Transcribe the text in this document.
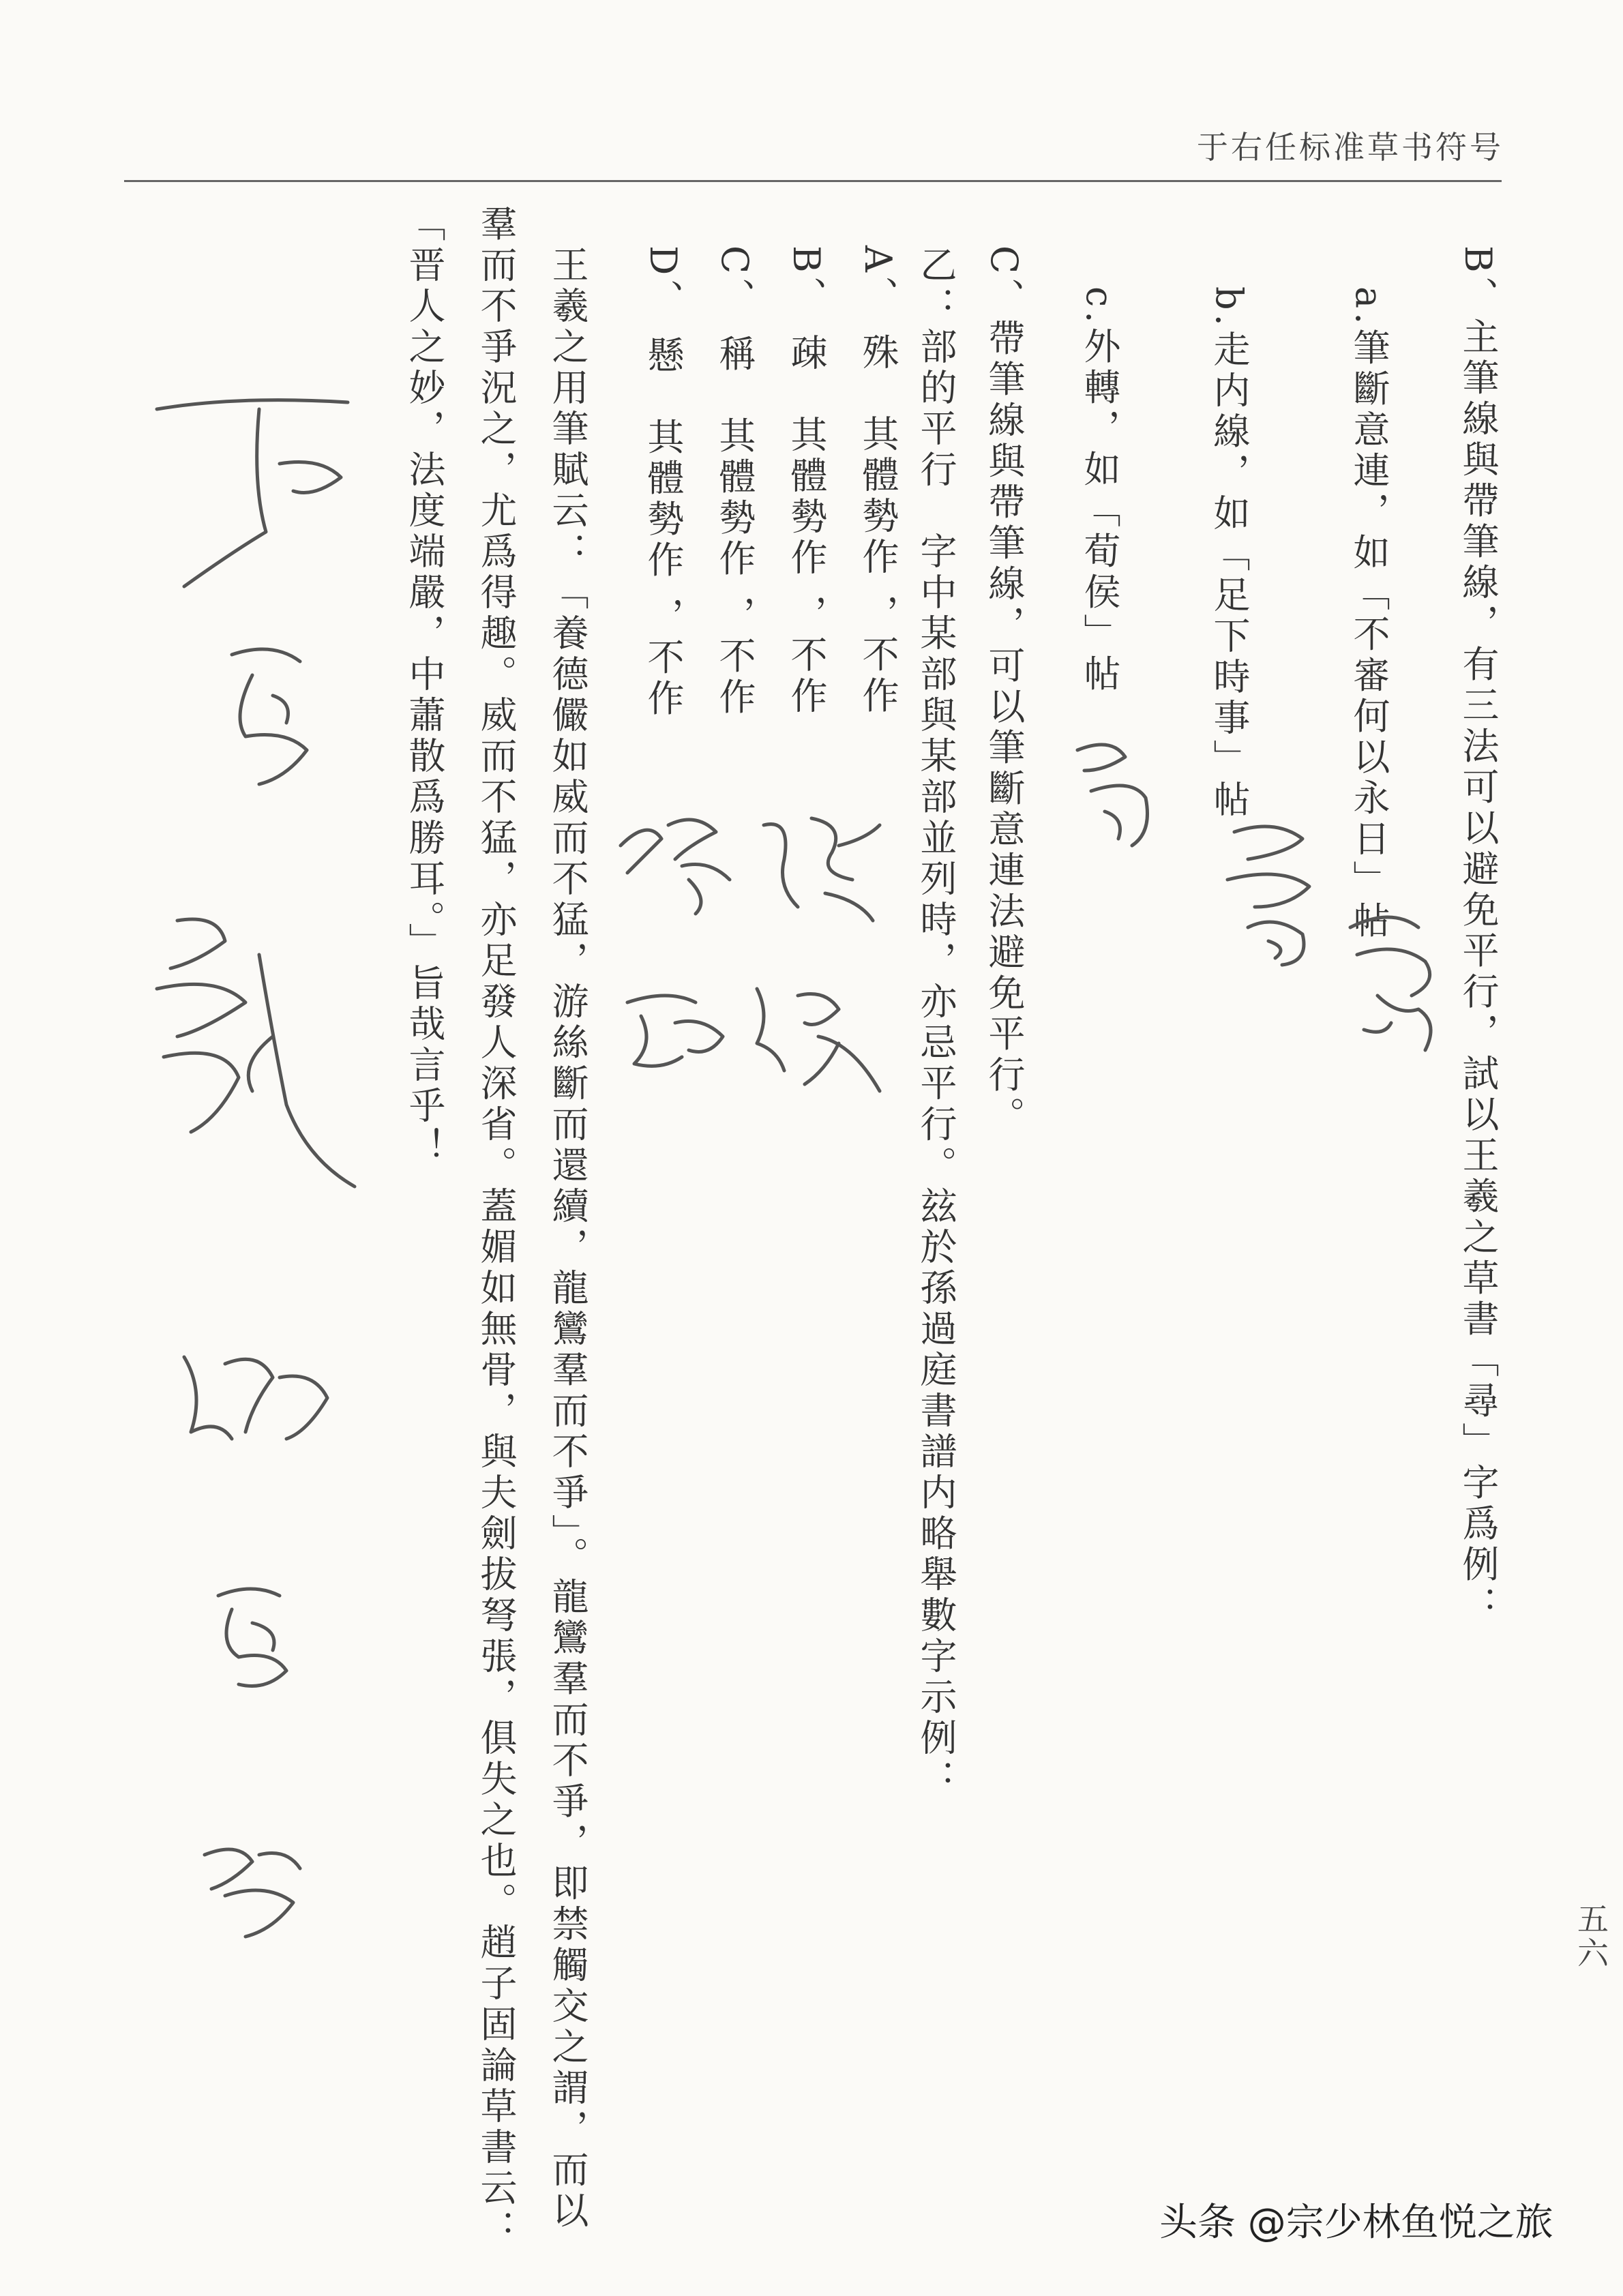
于右任标准草书符号
B、主筆線與帶筆線，有三法可以避免平行，試以王羲之草書「尋」字爲例：
a.筆斷意連，如「不審何以永日」帖
b.走内線，如「足下時事」帖
c.外轉，如「荀侯」帖
C、帶筆線與帶筆線，可以筆斷意連法避免平行。
乙：部的平行　字中某部與某部並列時，亦忌平行。玆於孫過庭書譜内略舉數字示例：
A、 殊　其體勢作 ，不作
B、 疎　其體勢作 ，不作
C、 稱　其體勢作 ，不作
D、 懸　其體勢作 ，不作
王羲之用筆賦云：「養德儼如威而不猛，游絲斷而還續，龍鸞羣而不爭」。龍鸞羣而不爭，即禁觸交之謂，而以
羣而不爭況之，尤爲得趣。威而不猛，亦足發人深省。蓋媚如無骨，與夫劍拔弩張，俱失之也。趙子固論草書云：
「晋人之妙，法度端嚴，中蕭散爲勝耳。」旨哉言乎！
五六
头条 @宗少林鱼悦之旅
